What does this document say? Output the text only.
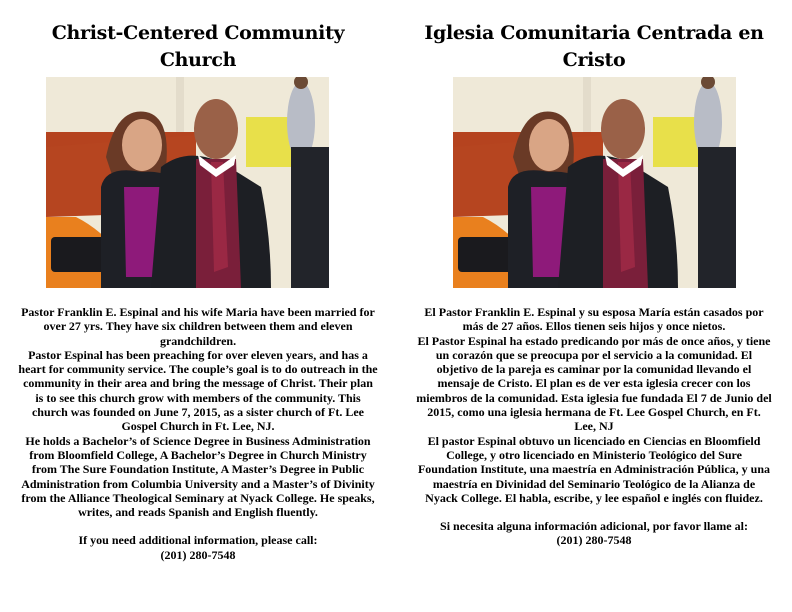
Christ-Centered Community
Church

Pastor Franklin E. Espinal and his wife Maria have been married for over 27 yrs. They have six children between them and eleven grandchildren.

Pastor Espinal has been preaching for over eleven years, and has a heart for community service. The couple’s goal is to do outreach in the community in their area and bring the message of Christ. Their plan is to see this church grow with members of the community. This church was founded on June 7, 2015, as a sister church of Ft. Lee Gospel Church in Ft. Lee, NJ.

He holds a Bachelor’s of Science Degree in Business Administration from Bloomfield College, A Bachelor’s Degree in Church Ministry from The Sure Foundation Institute, A Master’s Degree in Public Administration from Columbia University and a Master’s of Divinity from the Alliance Theological Seminary at Nyack College. He speaks, writes, and reads Spanish and English fluently.

If you need additional information, please call:

(201) 280-7548

Iglesia Comunitaria Centrada en
Cristo

El Pastor Franklin E. Espinal y su esposa María están casados por más de 27 años. Ellos tienen seis hijos y once nietos.

El Pastor Espinal ha estado predicando por más de once años, y tiene un corazón que se preocupa por el servicio a la comunidad. El objetivo de la pareja es caminar por la comunidad llevando el mensaje de Cristo. El plan es de ver esta iglesia crecer con los miembros de la comunidad. Esta iglesia fue fundada El 7 de Junio del 2015, como una iglesia hermana de Ft. Lee Gospel Church, en Ft. Lee, NJ

El pastor Espinal obtuvo un licenciado en Ciencias en Bloomfield College, y otro licenciado en Ministerio Teológico del Sure Foundation Institute, una maestría en Administración Pública, y una maestría en Divinidad del Seminario Teológico de la Alianza de Nyack College. El habla, escribe, y lee español e inglés con fluidez.

Si necesita alguna información adicional, por favor llame al:

(201) 280-7548
